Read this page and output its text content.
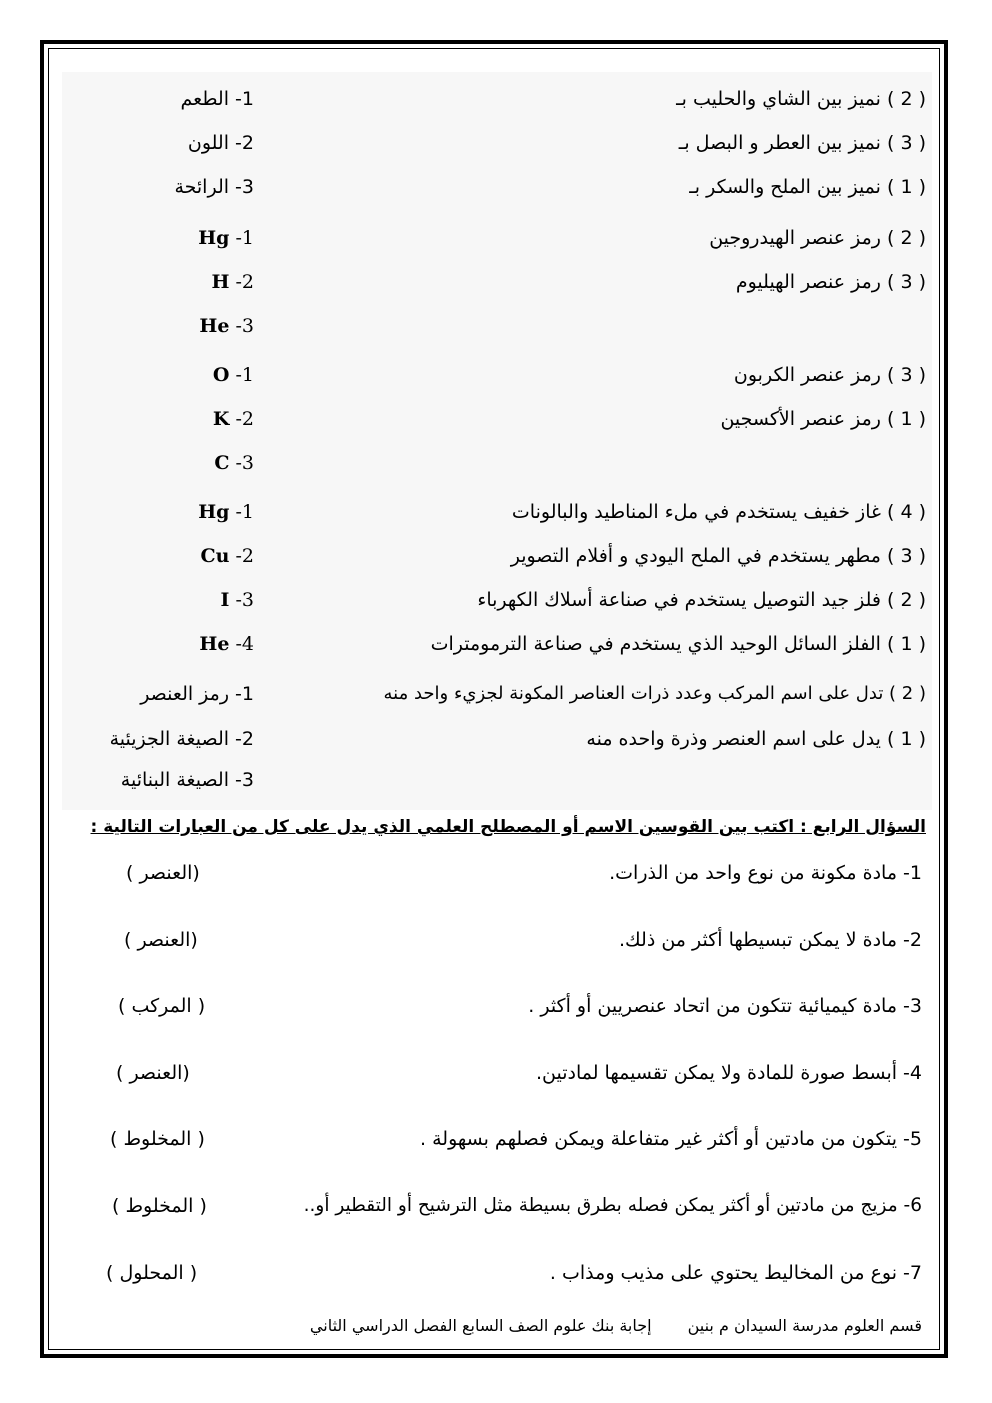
( 2 ) نميز بين الشاي والحليب بـ
( 3 ) نميز بين العطر و البصل بـ
( 1 ) نميز بين الملح والسكر بـ
1- الطعم
2- اللون
3- الرائحة
( 2 ) رمز عنصر الهيدروجين
( 3 ) رمز عنصر الهيليوم
Hg -1
H -2
He -3
( 3 ) رمز عنصر الكربون
( 1 ) رمز عنصر الأكسجين
O -1
K -2
C -3
( 4 ) غاز خفيف يستخدم في ملء المناطيد والبالونات
( 3 ) مطهر يستخدم في الملح اليودي و أفلام التصوير
( 2 ) فلز جيد التوصيل يستخدم في صناعة أسلاك الكهرباء
( 1 ) الفلز السائل الوحيد الذي يستخدم في صناعة الترمومترات
Hg -1
Cu -2
I -3
He -4
( 2 ) تدل على اسم المركب وعدد ذرات العناصر المكونة لجزيء واحد منه
( 1 ) يدل على اسم العنصر وذرة واحده منه
1- رمز العنصر
2- الصيغة الجزيئية
3- الصيغة البنائية
السؤال الرابع : اكتب بين القوسين الاسم أو المصطلح العلمي الذي يدل على كل من العبارات التالية :
1- مادة مكونة من نوع واحد من الذرات.
( العنصر)
2- مادة لا يمكن تبسيطها أكثر من ذلك.
( العنصر)
3- مادة كيميائية تتكون من اتحاد عنصريين أو أكثر .
( المركب )
4- أبسط صورة للمادة ولا يمكن تقسيمها لمادتين.
( العنصر)
5- يتكون من مادتين أو أكثر غير متفاعلة ويمكن فصلهم بسهولة .
( المخلوط )
6- مزيج من مادتين أو أكثر يمكن فصله بطرق بسيطة مثل الترشيح أو التقطير أو..
( المخلوط )
7- نوع من المخاليط يحتوي على مذيب ومذاب .
( المحلول )
قسم العلوم مدرسة السيدان م بنينإجابة بنك علوم الصف السابع الفصل الدراسي الثاني
